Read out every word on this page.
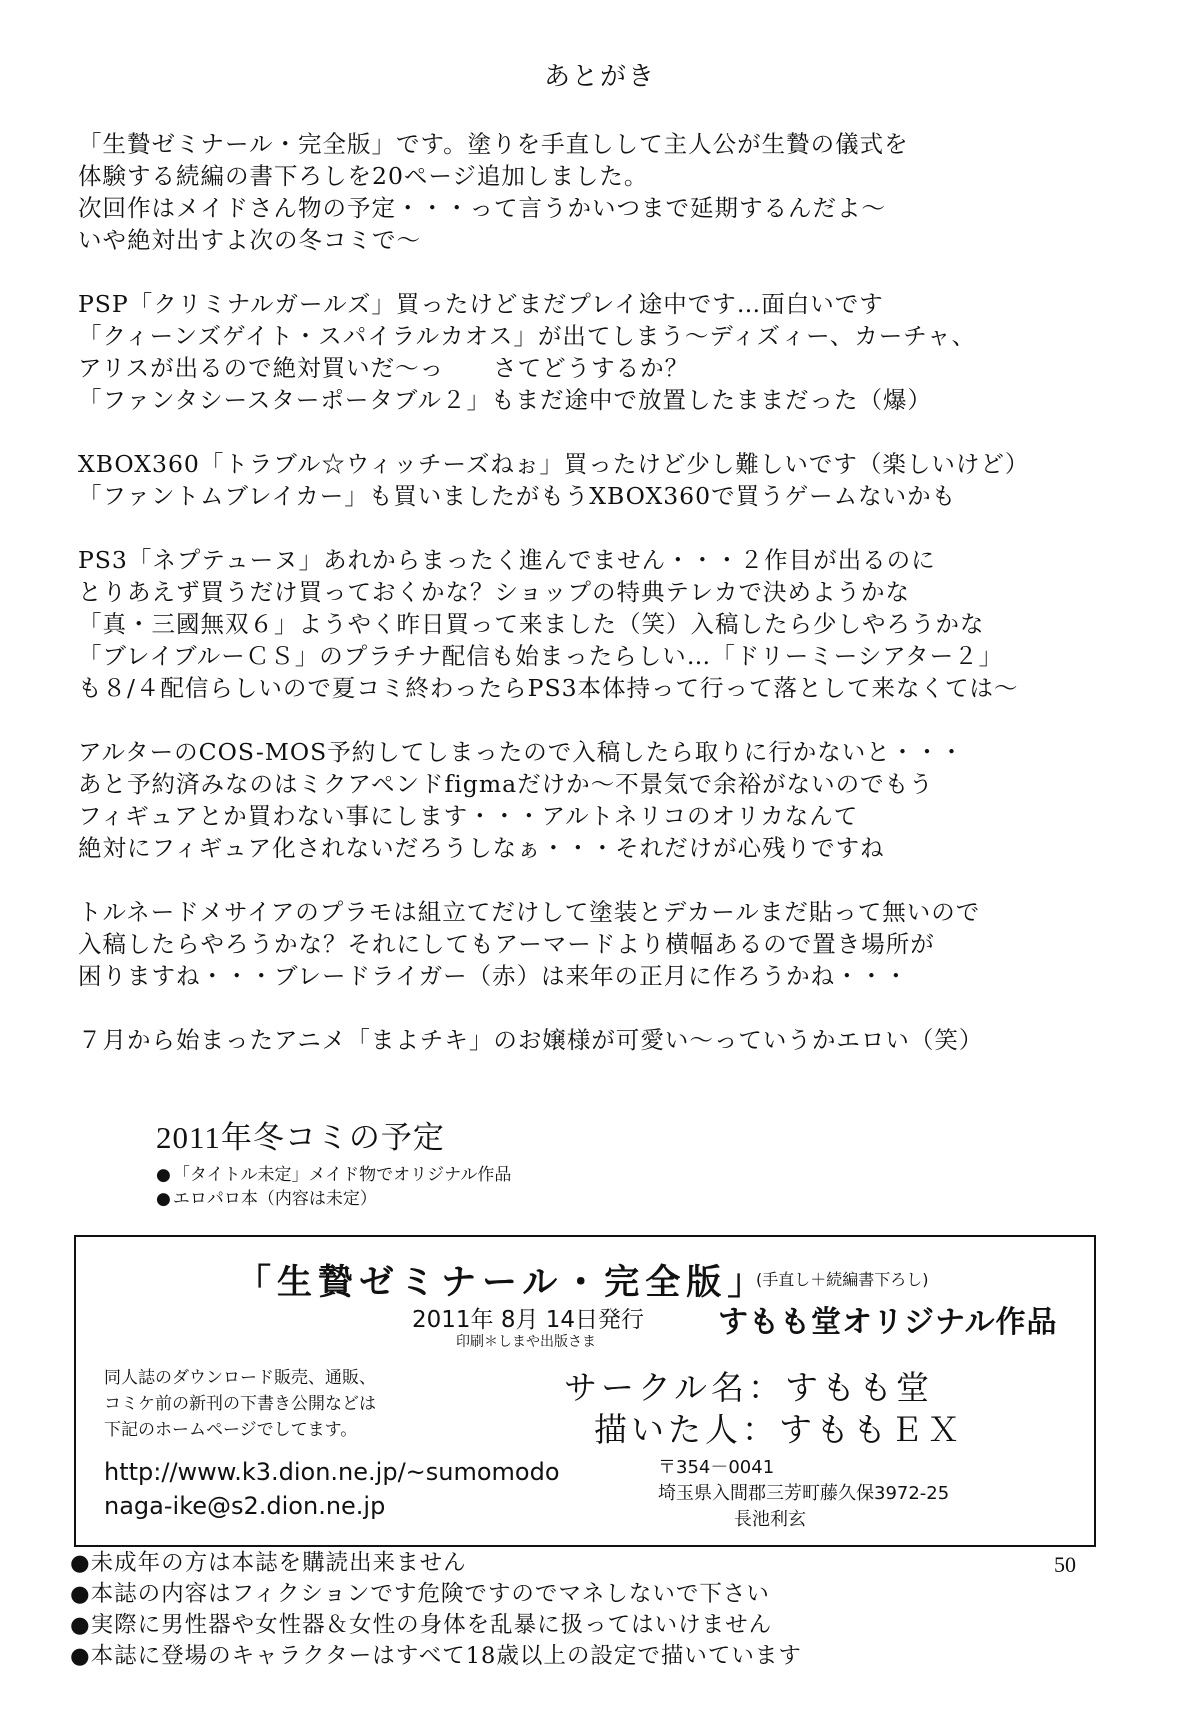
あとがき
「生贄ゼミナール・完全版」です。塗りを手直しして主人公が生贄の儀式を
体験する続編の書下ろしを20ページ追加しました。
次回作はメイドさん物の予定・・・って言うかいつまで延期するんだよ～
いや絶対出すよ次の冬コミで～
PSP「クリミナルガールズ」買ったけどまだプレイ途中です…面白いです
「クィーンズゲイト・スパイラルカオス」が出てしまう～ディズィー、カーチャ、
アリスが出るので絶対買いだ～っ　　さてどうするか？
「ファンタシースターポータブル２」もまだ途中で放置したままだった（爆）
XBOX360「トラブル☆ウィッチーズねぉ」買ったけど少し難しいです（楽しいけど）
「ファントムブレイカー」も買いましたがもうXBOX360で買うゲームないかも
PS3「ネプテューヌ」あれからまったく進んでません・・・２作目が出るのに
とりあえず買うだけ買っておくかな？ショップの特典テレカで決めようかな
「真・三國無双６」ようやく昨日買って来ました（笑）入稿したら少しやろうかな
「ブレイブルーＣＳ」のプラチナ配信も始まったらしい…「ドリーミーシアター２」
も８/４配信らしいので夏コミ終わったらPS3本体持って行って落として来なくては～
アルターのCOS-MOS予約してしまったので入稿したら取りに行かないと・・・
あと予約済みなのはミクアペンドfigmaだけか～不景気で余裕がないのでもう
フィギュアとか買わない事にします・・・アルトネリコのオリカなんて
絶対にフィギュア化されないだろうしなぁ・・・それだけが心残りですね
トルネードメサイアのプラモは組立てだけして塗装とデカールまだ貼って無いので
入稿したらやろうかな？それにしてもアーマードより横幅あるので置き場所が
困りますね・・・ブレードライガー（赤）は来年の正月に作ろうかね・・・
７月から始まったアニメ「まよチキ」のお嬢様が可愛い～っていうかエロい（笑）
2011年冬コミの予定
● 「タイトル未定」メイド物でオリジナル作品
● エロパロ本（内容は未定）
「生贄ゼミナール・完全版」
(手直し＋続編書下ろし)
2011年 8月 14日発行 すもも堂オリジナル作品
印刷＊しまや出版さま
同人誌のダウンロード販売、通販、
コミケ前の新刊の下書き公開などは
下記のホームページでしてます。
サークル名：すもも堂
描いた人：すももＥＸ
http://www.k3.dion.ne.jp/~sumomodo
naga-ike@s2.dion.ne.jp
〒354－0041
埼玉県入間郡三芳町藤久保3972-25
長池利玄
50
● 未成年の方は本誌を購読出来ません
● 本誌の内容はフィクションです危険ですのでマネしないで下さい
● 実際に男性器や女性器＆女性の身体を乱暴に扱ってはいけません
● 本誌に登場のキャラクターはすべて18歳以上の設定で描いています
